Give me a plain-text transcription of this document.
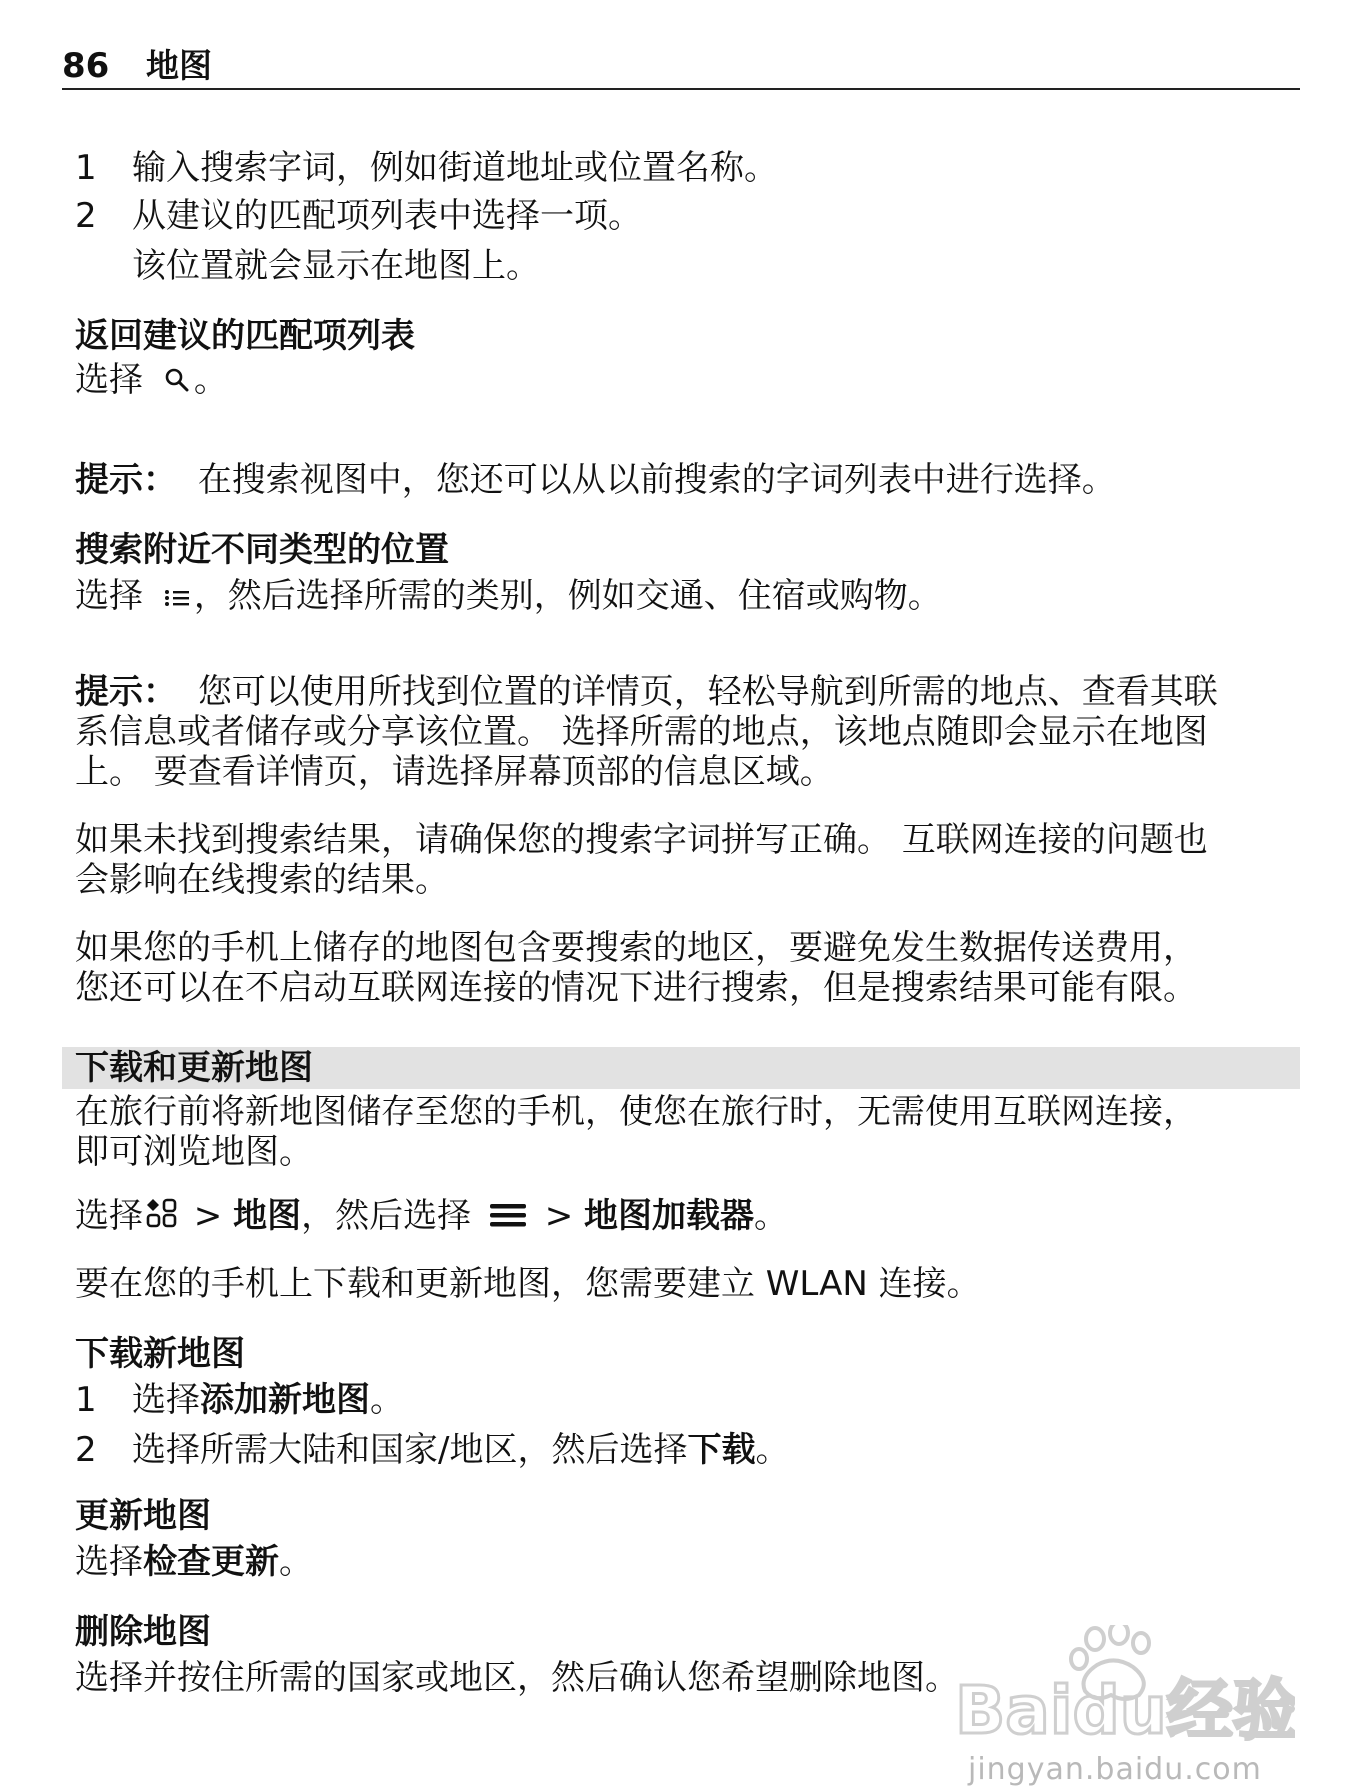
86	地图
1 输入搜索字词，例如街道地址或位置名称。
2 从建议的匹配项列表中选择一项。
该位置就会显示在地图上。
返回建议的匹配项列表
选择 。
提示： 在搜索视图中，您还可以从以前搜索的字词列表中进行选择。
搜索附近不同类型的位置
选择 ，然后选择所需的类别，例如交通、住宿或购物。
提示： 您可以使用所找到位置的详情页，轻松导航到所需的地点、查看其联
系信息或者储存或分享该位置。 选择所需的地点，该地点随即会显示在地图
上。 要查看详情页，请选择屏幕顶部的信息区域。
如果未找到搜索结果，请确保您的搜索字词拼写正确。 互联网连接的问题也
会影响在线搜索的结果。
如果您的手机上储存的地图包含要搜索的地区，要避免发生数据传送费用，
您还可以在不启动互联网连接的情况下进行搜索，但是搜索结果可能有限。
下载和更新地图
在旅行前将新地图储存至您的手机，使您在旅行时，无需使用互联网连接，
即可浏览地图。
选择 > 地图，然后选择  > 地图加载器。
要在您的手机上下载和更新地图，您需要建立 WLAN 连接。
下载新地图
1 选择添加新地图。
2 选择所需大陆和国家/地区，然后选择下载。
更新地图
选择检查更新。
删除地图
选择并按住所需的国家或地区，然后确认您希望删除地图。
Baidu经验
jingyan.baidu.com
